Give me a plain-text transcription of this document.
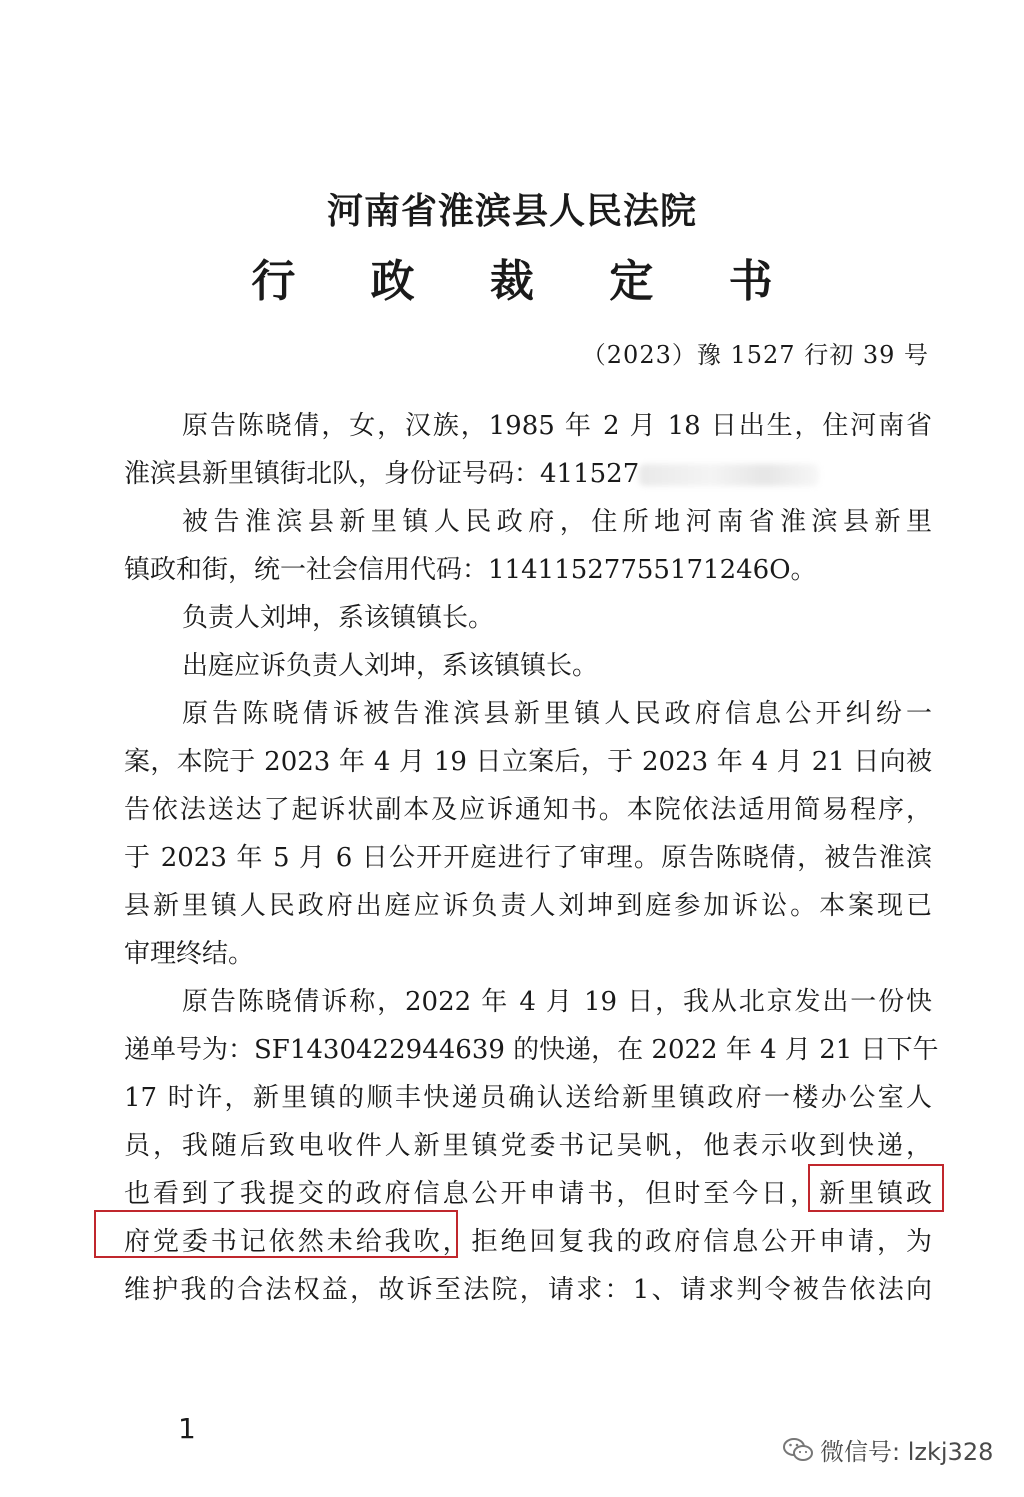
河南省淮滨县人民法院
行 政 裁 定 书
（2023）豫 1527 行初 39 号
原告陈晓倩，女，汉族，1985 年 2 月 18 日出生，住河南省
淮滨县新里镇街北队，身份证号码：411527
被告淮滨县新里镇人民政府，住所地河南省淮滨县新里
镇政和街，统一社会信用代码：11411527755171246O。
负责人刘坤，系该镇镇长。
出庭应诉负责人刘坤，系该镇镇长。
原告陈晓倩诉被告淮滨县新里镇人民政府信息公开纠纷一
案，本院于 2023 年 4 月 19 日立案后，于 2023 年 4 月 21 日向被
告依法送达了起诉状副本及应诉通知书。本院依法适用简易程序，
于 2023 年 5 月 6 日公开开庭进行了审理。原告陈晓倩，被告淮滨
县新里镇人民政府出庭应诉负责人刘坤到庭参加诉讼。本案现已
审理终结。
原告陈晓倩诉称，2022 年 4 月 19 日，我从北京发出一份快
递单号为：SF1430422944639 的快递，在 2022 年 4 月 21 日下午
17 时许，新里镇的顺丰快递员确认送给新里镇政府一楼办公室人
员，我随后致电收件人新里镇党委书记吴帆，他表示收到快递，
也看到了我提交的政府信息公开申请书，但时至今日，新里镇政
府党委书记依然未给我吹，拒绝回复我的政府信息公开申请，为
维护我的合法权益，故诉至法院，请求：1、请求判令被告依法向
1
微信号: lzkj328
